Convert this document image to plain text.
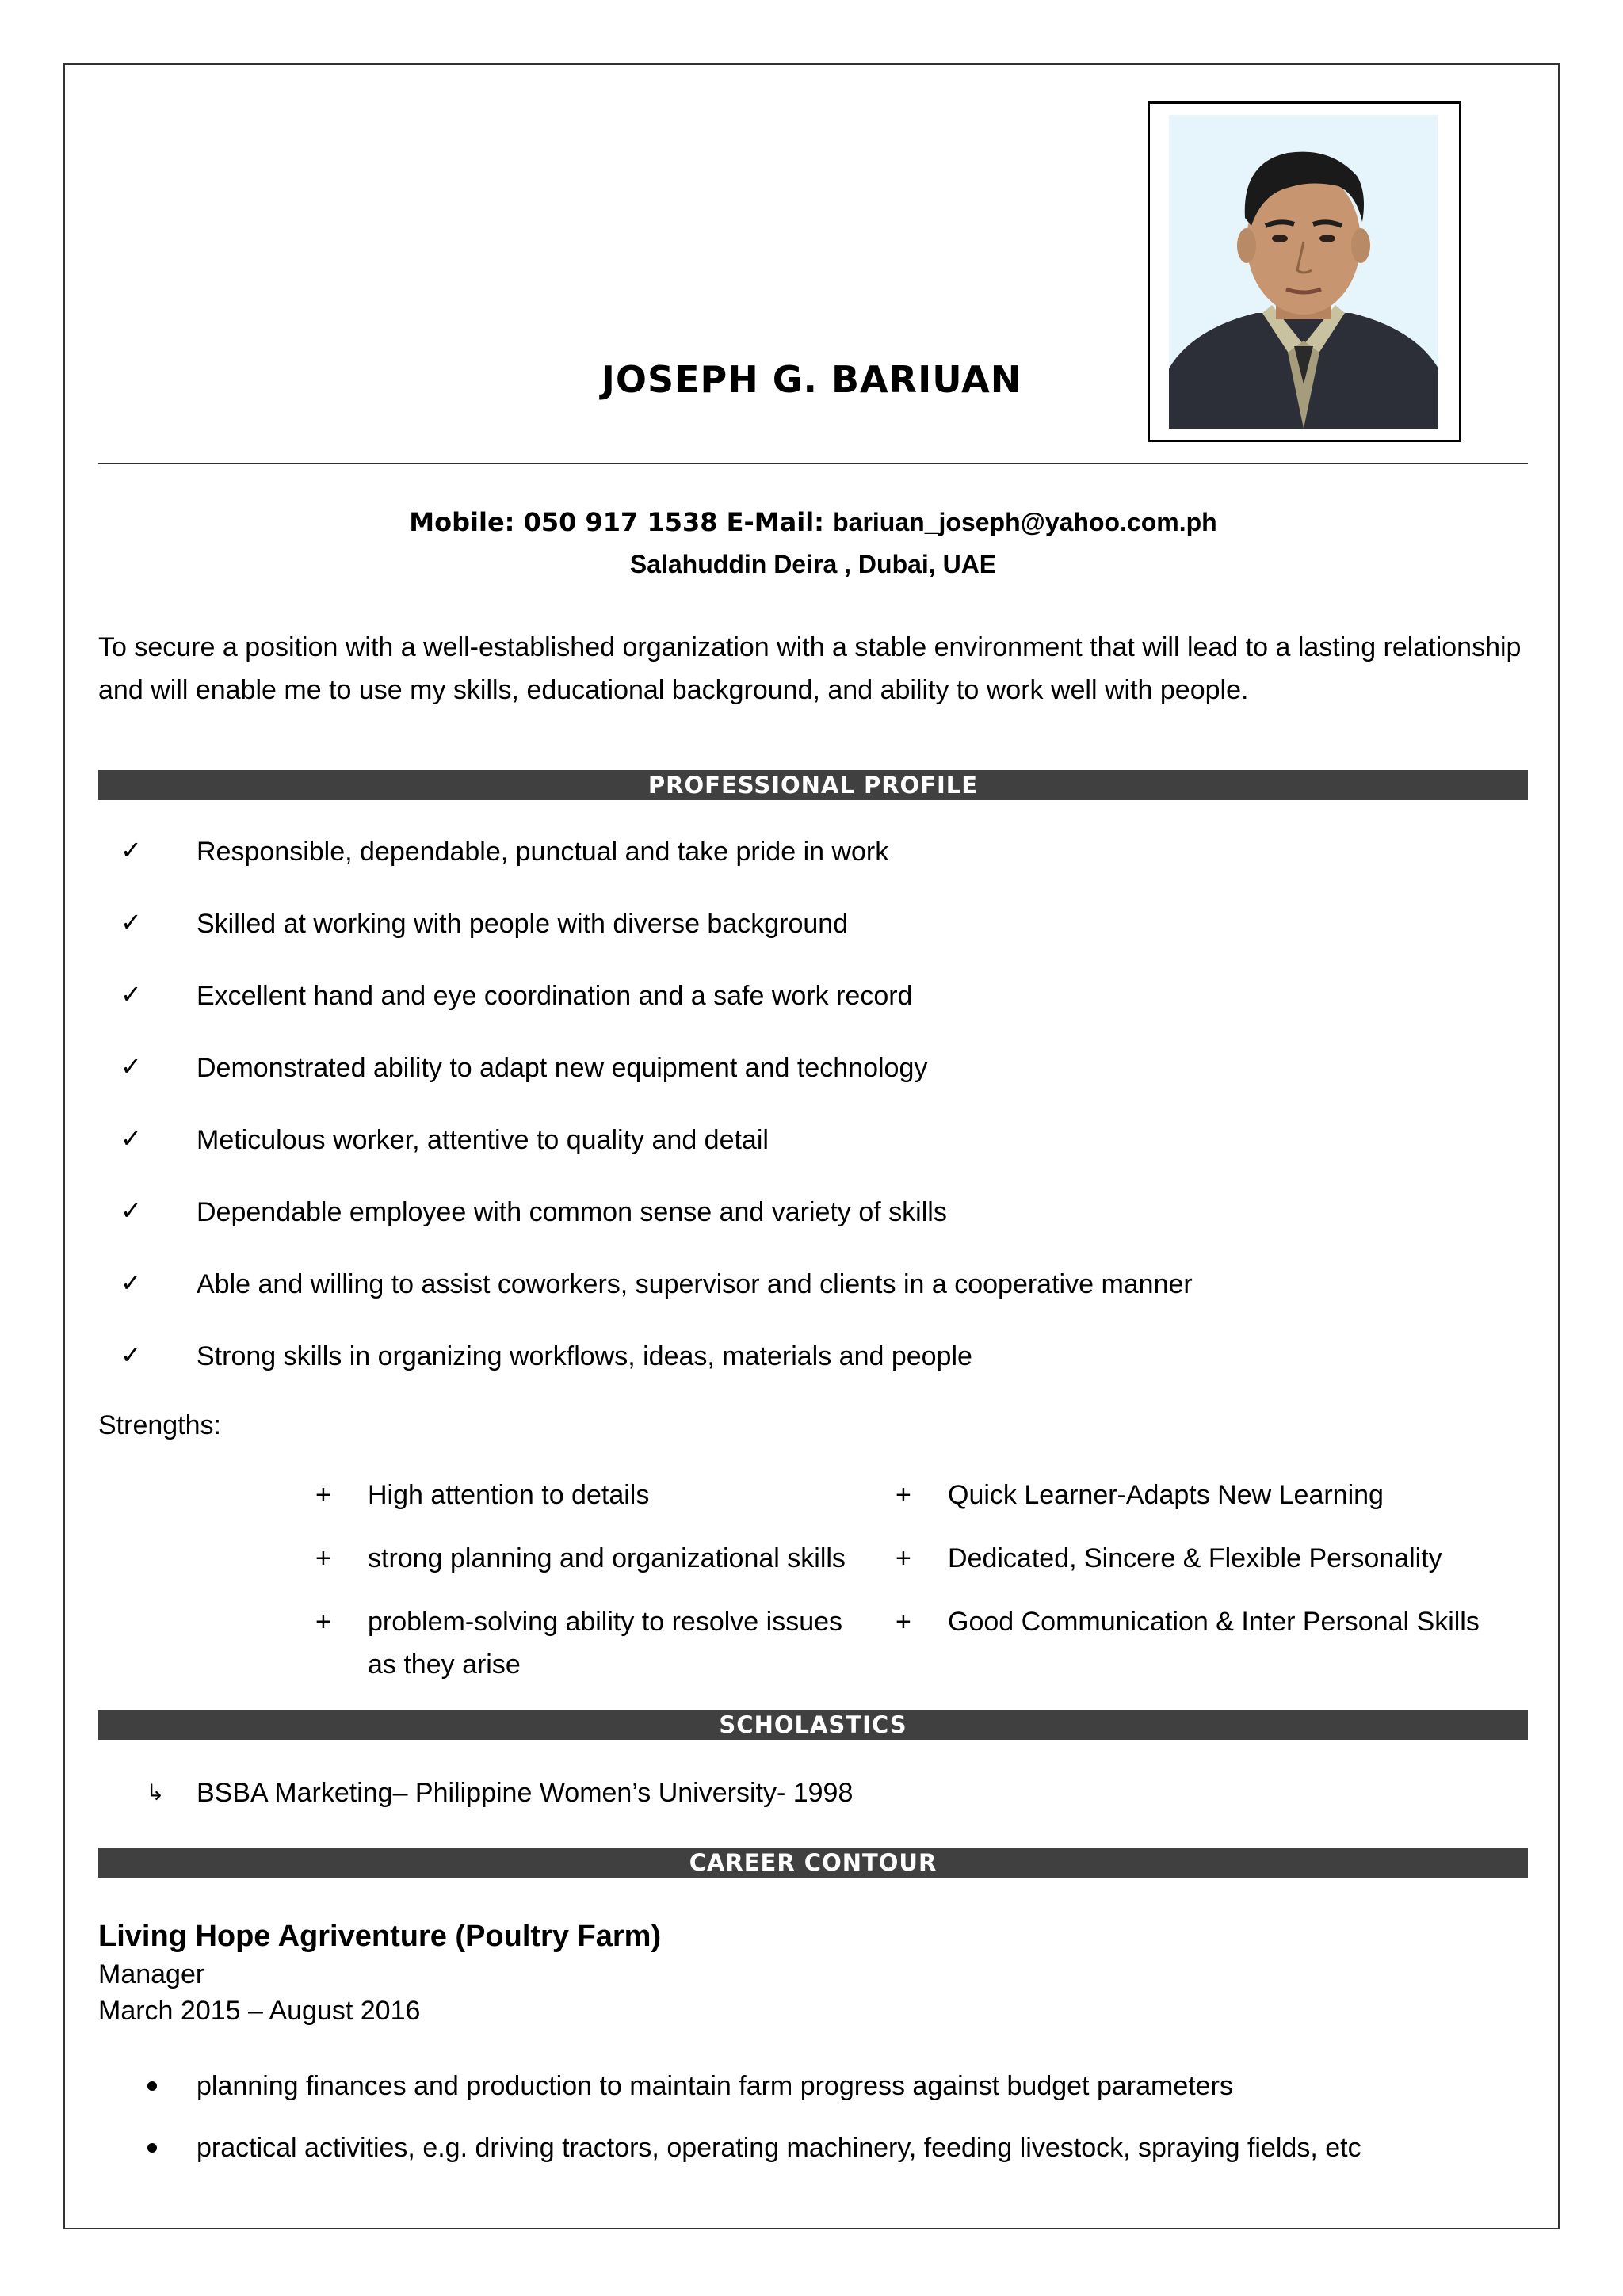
JOSEPH G. BARIUAN
Mobile: 050 917 1538 E-Mail: bariuan_joseph@yahoo.com.ph
Salahuddin Deira , Dubai, UAE
To secure a position with a well-established organization with a stable environment that will lead to a lasting relationship and will enable me to use my skills, educational background, and ability to work well with people.
PROFESSIONAL PROFILE
✓ Responsible, dependable, punctual and take pride in work
✓ Skilled at working with people with diverse background
✓ Excellent hand and eye coordination and a safe work record
✓ Demonstrated ability to adapt new equipment and technology
✓ Meticulous worker, attentive to quality and detail
✓ Dependable employee with common sense and variety of skills
✓ Able and willing to assist coworkers, supervisor and clients in a cooperative manner
✓ Strong skills in organizing workflows, ideas, materials and people
Strengths:
+ High attention to details
+ strong planning and organizational skills
+ problem-solving ability to resolve issues as they arise
+ Quick Learner-Adapts New Learning
+ Dedicated, Sincere & Flexible Personality
+ Good Communication & Inter Personal Skills
SCHOLASTICS
↳ BSBA Marketing– Philippine Women’s University- 1998
CAREER CONTOUR
Living Hope Agriventure (Poultry Farm)
Manager
March 2015 – August 2016
planning finances and production to maintain farm progress against budget parameters
practical activities, e.g. driving tractors, operating machinery, feeding livestock, spraying fields, etc
